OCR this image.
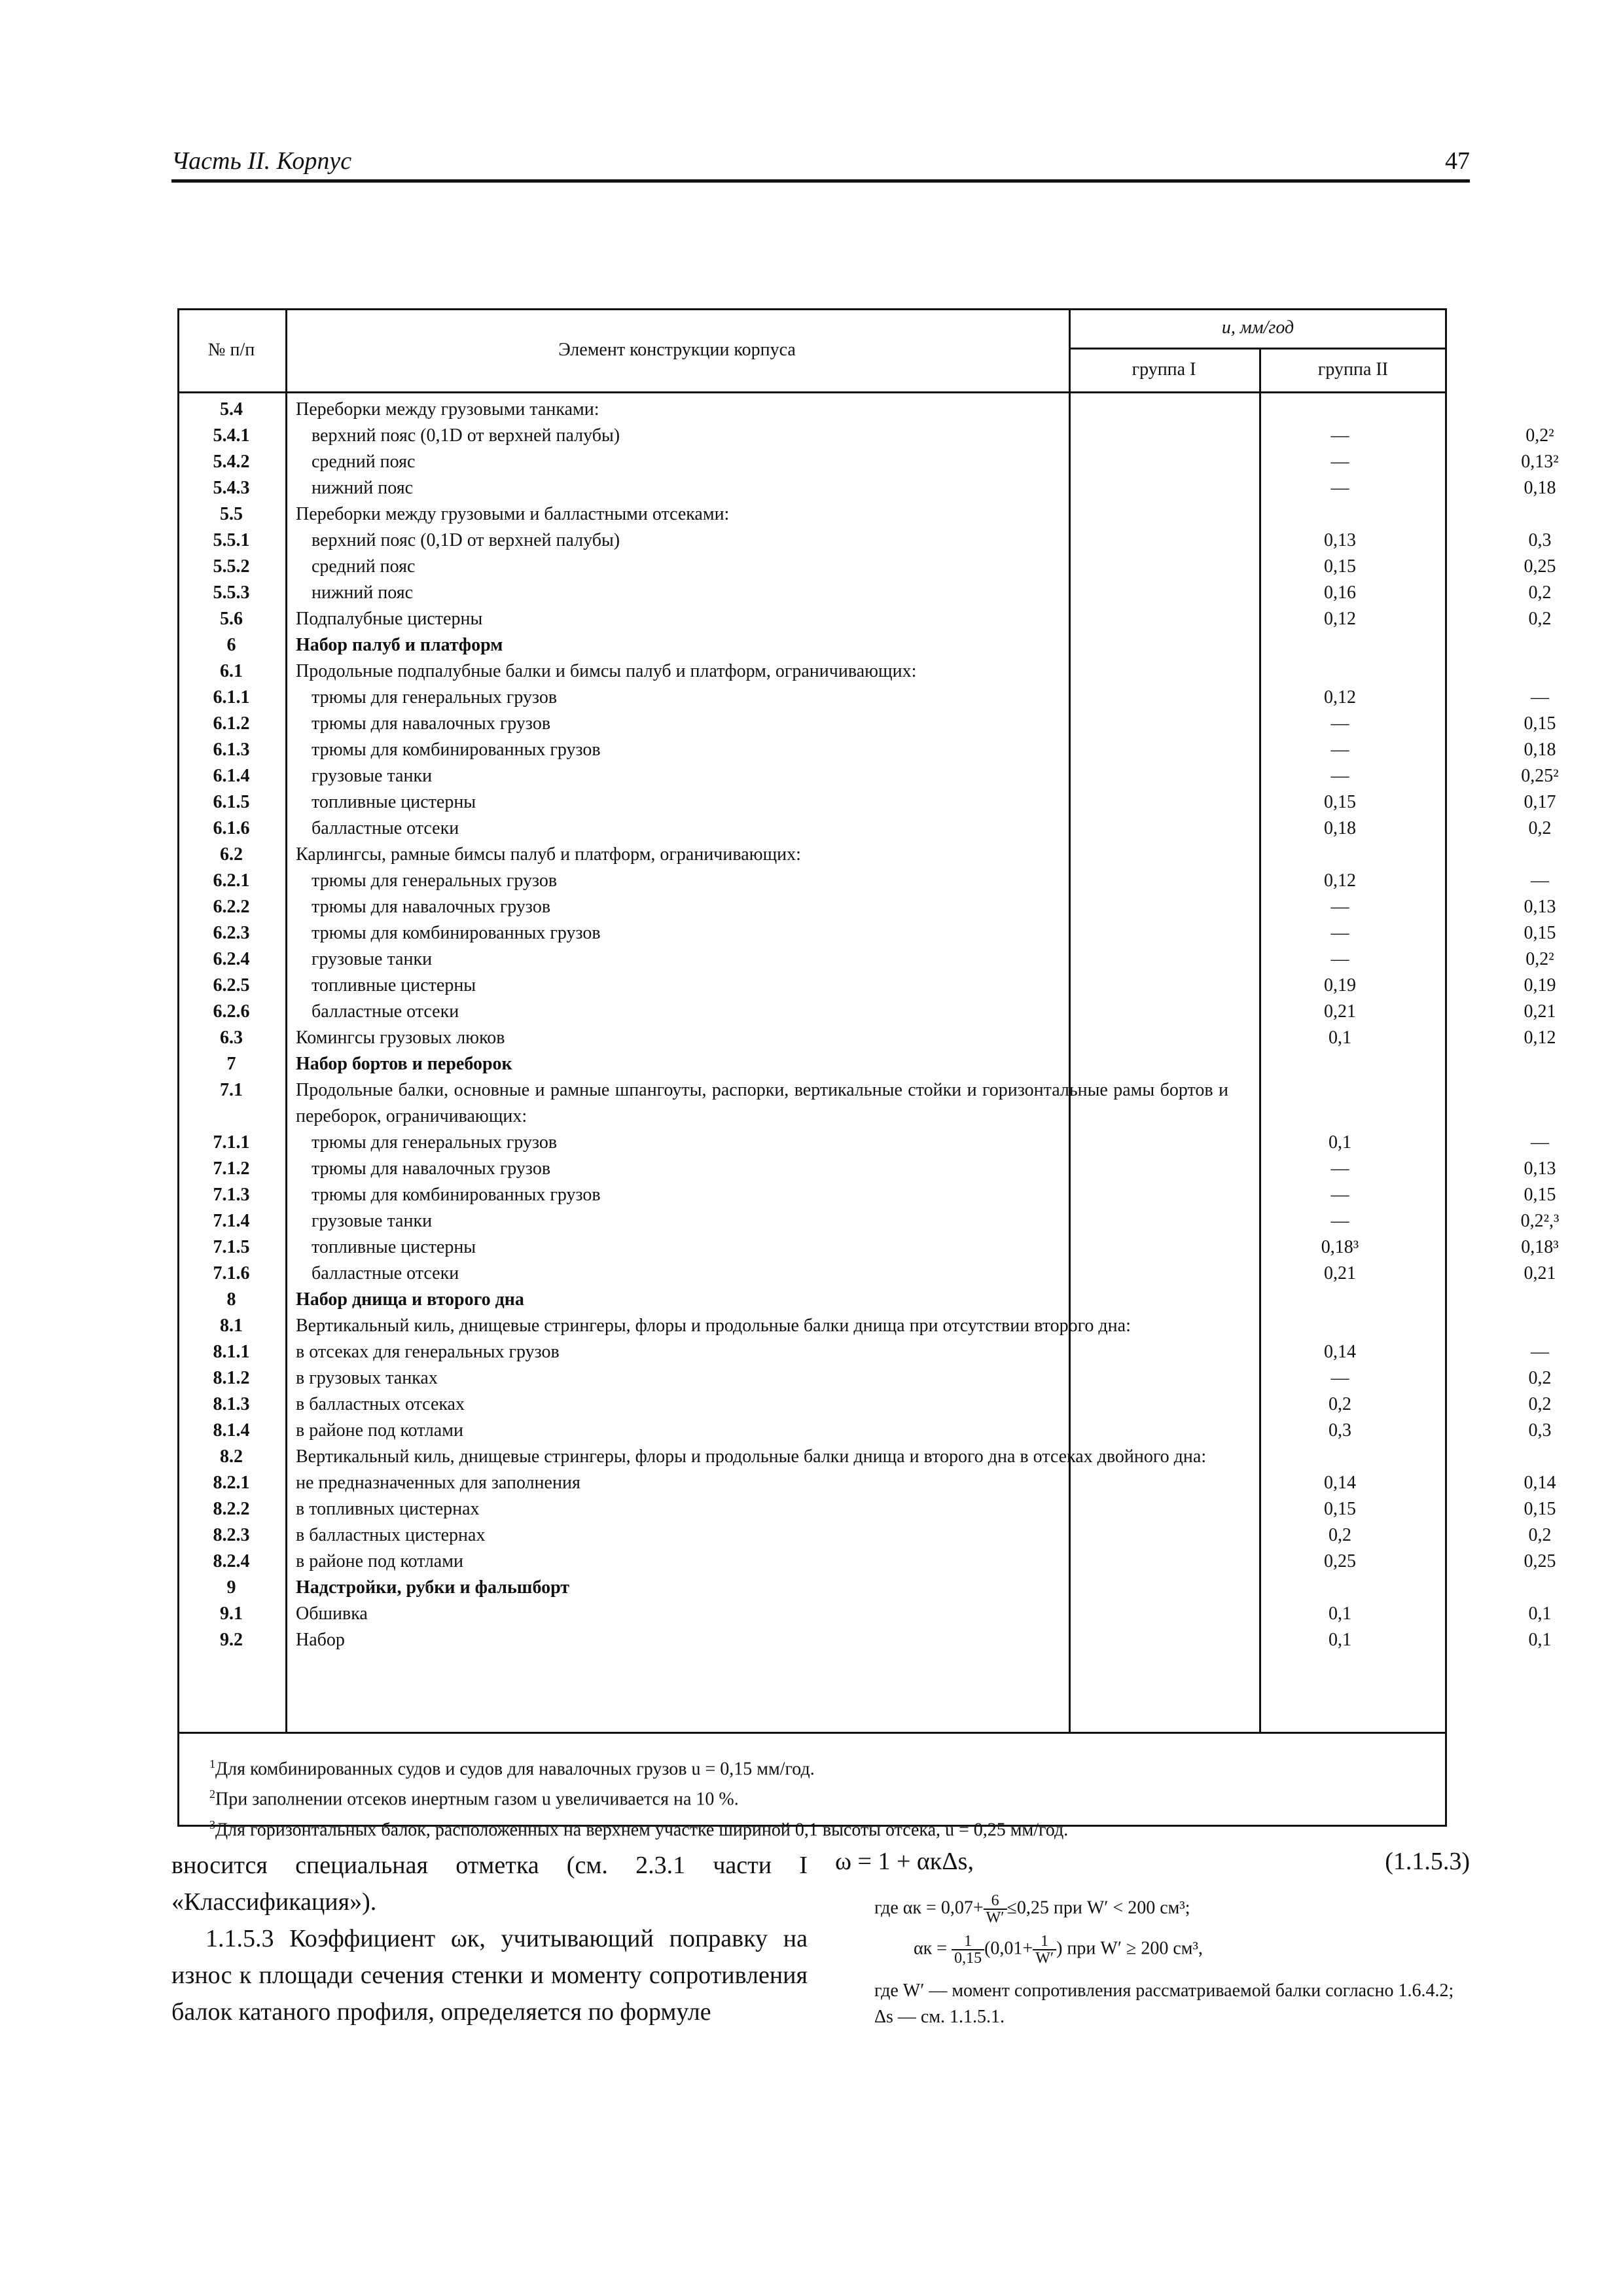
Часть ΙΙ. Корпус	47
№ п/п	Элемент конструкции корпуса
u, мм/год
группа I	группа II
5.4	Переборки между грузовыми танками:
5.4.1	верхний пояс (0,1D от верхней палубы)	—	0,2²
5.4.2	средний пояс	—	0,13²
5.4.3	нижний пояс	—	0,18
5.5	Переборки между грузовыми и балластными отсеками:
5.5.1	верхний пояс (0,1D от верхней палубы)	0,13	0,3
5.5.2	средний пояс	0,15	0,25
5.5.3	нижний пояс	0,16	0,2
5.6	Подпалубные цистерны	0,12	0,2
6	Набор палуб и платформ
6.1	Продольные подпалубные балки и бимсы палуб и платформ, ограничивающих:
6.1.1	трюмы для генеральных грузов	0,12	—
6.1.2	трюмы для навалочных грузов	—	0,15
6.1.3	трюмы для комбинированных грузов	—	0,18
6.1.4	грузовые танки	—	0,25²
6.1.5	топливные цистерны	0,15	0,17
6.1.6	балластные отсеки	0,18	0,2
6.2	Карлингсы, рамные бимсы палуб и платформ, ограничивающих:
6.2.1	трюмы для генеральных грузов	0,12	—
6.2.2	трюмы для навалочных грузов	—	0,13
6.2.3	трюмы для комбинированных грузов	—	0,15
6.2.4	грузовые танки	—	0,2²
6.2.5	топливные цистерны	0,19	0,19
6.2.6	балластные отсеки	0,21	0,21
6.3	Комингсы грузовых люков	0,1	0,12
7	Набор бортов и переборок
7.1	Продольные балки, основные и рамные шпангоуты, распорки, вертикальные стойки и горизонтальные рамы бортов и переборок, ограничивающих:
7.1.1	трюмы для генеральных грузов	0,1	—
7.1.2	трюмы для навалочных грузов	—	0,13
7.1.3	трюмы для комбинированных грузов	—	0,15
7.1.4	грузовые танки	—	0,2²,³
7.1.5	топливные цистерны	0,18³	0,18³
7.1.6	балластные отсеки	0,21	0,21
8	Набор днища и второго дна
8.1	Вертикальный киль, днищевые стрингеры, флоры и продольные балки днища при отсутствии второго дна:
8.1.1	в отсеках для генеральных грузов	0,14	—
8.1.2	в грузовых танках	—	0,2
8.1.3	в балластных отсеках	0,2	0,2
8.1.4	в районе под котлами	0,3	0,3
8.2	Вертикальный киль, днищевые стрингеры, флоры и продольные балки днища и второго дна в отсеках двойного дна:
8.2.1	не предназначенных для заполнения	0,14	0,14
8.2.2	в топливных цистернах	0,15	0,15
8.2.3	в балластных цистернах	0,2	0,2
8.2.4	в районе под котлами	0,25	0,25
9	Надстройки, рубки и фальшборт
9.1	Обшивка	0,1	0,1
9.2	Набор	0,1	0,1
$^1$Для комбинированных судов и судов для навалочных грузов u = 0,15 мм/год.
$^2$При заполнении отсеков инертным газом u увеличивается на 10 %.
$^3$Для горизонтальных балок, расположенных на верхнем участке шириной 0,1 высоты отсека, u = 0,25 мм/год.

вносится специальная отметка (см. 2.3.1 части I «Классификация»).

1.1.5.3 Коэффициент ωк, учитывающий поправку на износ к площади сечения стенки и моменту сопротивления балок катаного профиля, определяется по формуле

ω = 1 + αкΔs,	(1.1.5.3)
где $\alpha к = 0,07+ \frac{6}{W'} \le 0,25$ при W′ < 200 см³;
$\alpha к = \frac{1}{0,15} (0,01+ \frac{1}{W'}$ ) при W′ ≥ 200 см³,
где W′ — момент сопротивления рассматриваемой балки согласно 1.6.4.2;
Δs — см. 1.1.5.1.
